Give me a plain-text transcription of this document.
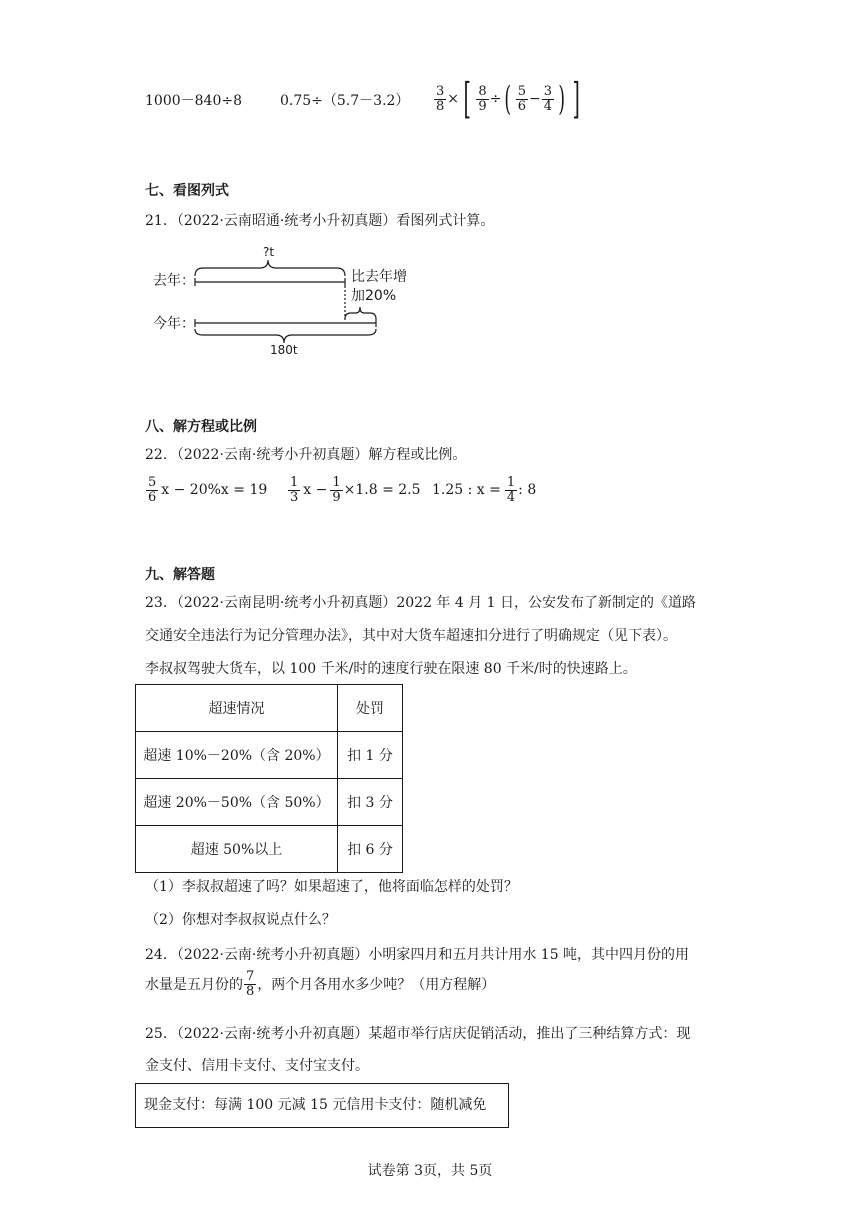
1000－840÷8	$0.75\div(5.7-3.2) \frac{3}{8}$ × [ $\frac{8}{9}$ ÷ ( $\frac{5}{6} - \frac{3}{4}$ ) ]
七、看图列式
21．（2022·云南昭通·统考小升初真题）看图列式计算。
去年：
今年：
?t
180t
比去年增
加20%
八、解方程或比例
22．（2022·云南·统考小升初真题）解方程或比例。
$\frac{5}{6}$ $x - 20\%x = 19 \frac{1}{3}$ $x - \frac{1}{9} \times 1.8 = 2.5$ 1.25 : $x = \frac{1}{4}$ : 8
九、解答题
23．（2022·云南昆明·统考小升初真题）2022 年 4 月 1 日，公安发布了新制定的《道路
交通安全违法行为记分管理办法》，其中对大货车超速扣分进行了明确规定（见下表）。
李叔叔驾驶大货车，以 100 千米/时的速度行驶在限速 80 千米/时的快速路上。
超速情况	处罚
超速 10%－20%（含 20%）	扣 1 分
超速 20%－50%（含 50%）	扣 3 分
超速 50%以上	扣 6 分
（1）李叔叔超速了吗？如果超速了，他将面临怎样的处罚？
（2）你想对李叔叔说点什么？
24．（2022·云南·统考小升初真题）小明家四月和五月共计用水 15 吨，其中四月份的用
水量是五月份的 $\frac{7}{8}$ ，两个月各用水多少吨？（用方程解）
25．（2022·云南·统考小升初真题）某超市举行店庆促销活动，推出了三种结算方式：现
金支付、信用卡支付、支付宝支付。
现金支付：每满 100 元减 15 元信用卡支付：随机减免
试卷第 3页，共 5页
